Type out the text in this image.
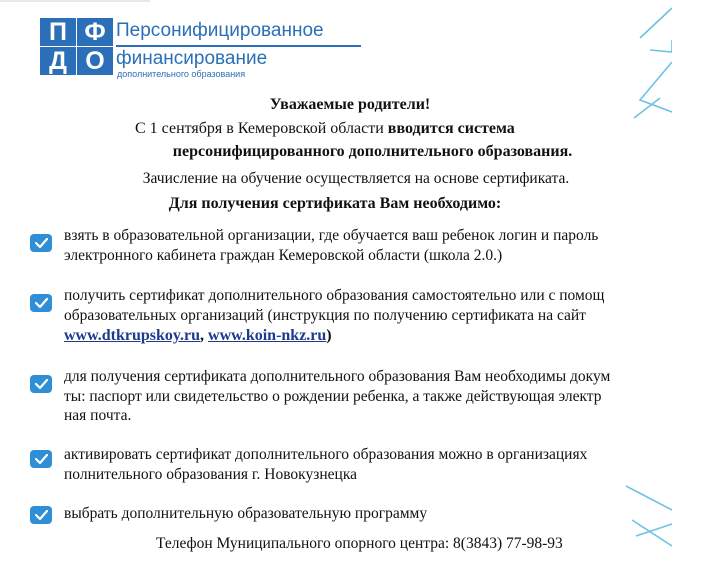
П Ф
Д О
Персонифицированное
финансирование
дополнительного образования
Уважаемые родители!
С 1 сентября в Кемеровской области вводится система
персонифицированного дополнительного образования.
Зачисление на обучение осуществляется на основе сертификата.
Для получения сертификата Вам необходимо:
взять в образовательной организации, где обучается ваш ребенок логин и пароль
электронного кабинета граждан Кемеровской области (школа 2.0.)
получить сертификат дополнительного образования самостоятельно или с помощ
образовательных организаций (инструкция по получению сертификата на сайт
www.dtkrupskoy.ru, www.koin-nkz.ru)
для получения сертификата дополнительного образования Вам необходимы докум
ты: паспорт или свидетельство о рождении ребенка, а также действующая электр
ная почта.
активировать сертификат дополнительного образования можно в организациях
полнительного образования г. Новокузнецка
выбрать дополнительную образовательную программу
Телефон Муниципального опорного центра: 8(3843) 77-98-93
